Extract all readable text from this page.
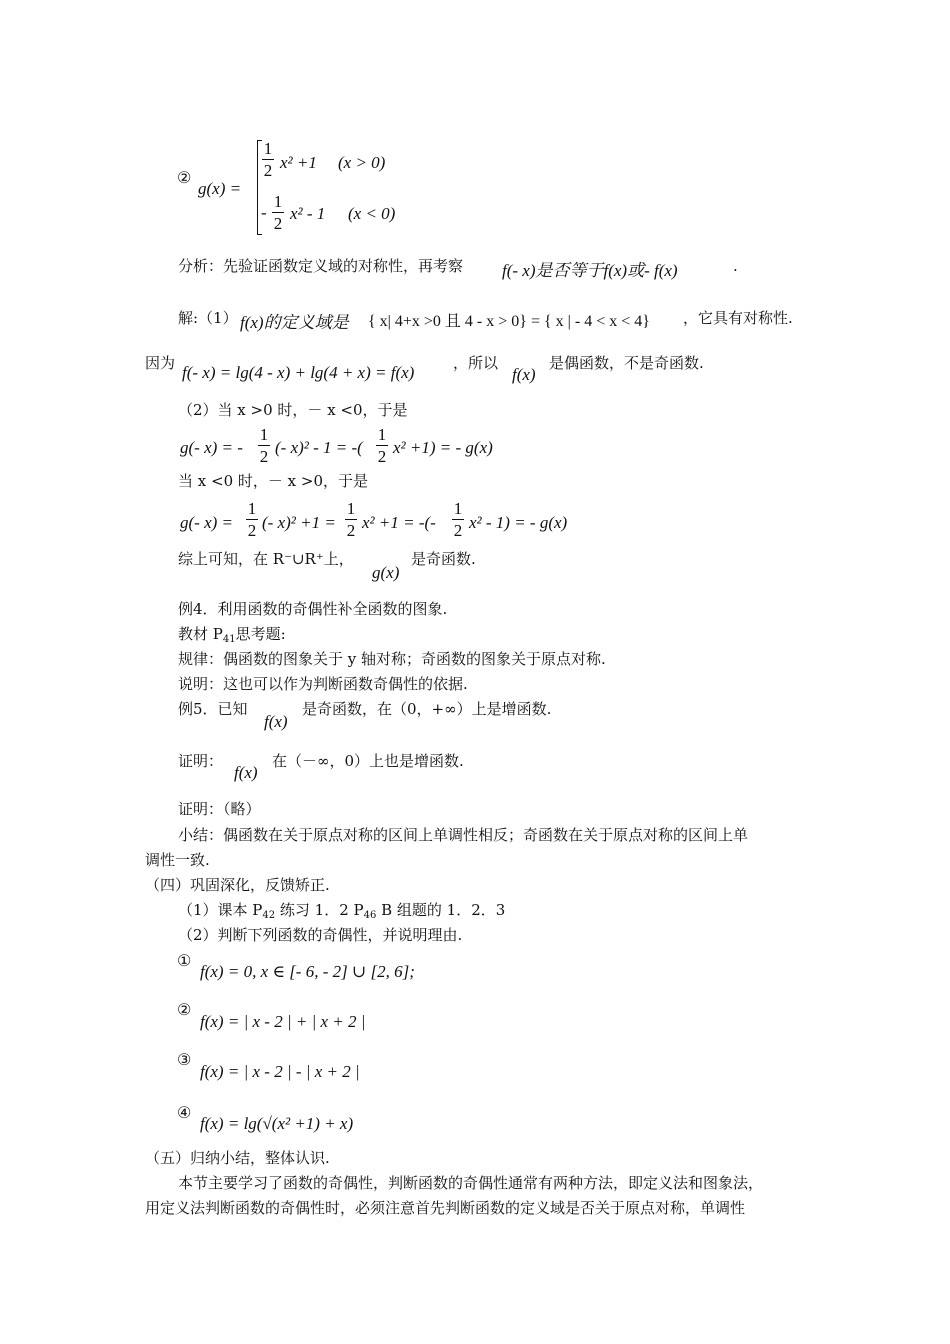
②
g(x) =
1
2 x² +1 (x > 0)
-
1
2
x² - 1 (x < 0)
分析：先验证函数定义域的对称性，再考察 f(- x)是否等于f(x)或- f(x)	.
解:（1） f(x)的定义域是 { x| 4+x >0 且 4 - x > 0} = { x | - 4 < x < 4} ，它具有对称性.
因为 f(- x) = lg(4 - x) + lg(4 + x) = f(x)	，所以
f(x)
是偶函数，不是奇函数.
（2）当 x >0 时，－ x <0，于是
g(- x) = -
1
2 (- x)² - 1 = -(
1
2 x² +1) = - g(x)
当 x <0 时，－ x >0，于是
g(- x) =
1
2 (- x)² +1 =
1
2 x² +1 = -(-
1
2 x² - 1) = - g(x)
综上可知，在 R⁻∪R⁺上，
g(x)
是奇函数.
例4．利用函数的奇偶性补全函数的图象.
教材 $P_{41}$思考题:
规律：偶函数的图象关于 y 轴对称；奇函数的图象关于原点对称.
说明：这也可以作为判断函数奇偶性的依据.
例5．已知
f(x)
是奇函数，在（0，+∞）上是增函数.
证明：
f(x)
在（－∞，0）上也是增函数.
证明：（略）
小结：偶函数在关于原点对称的区间上单调性相反；奇函数在关于原点对称的区间上单
调性一致.
（四）巩固深化，反馈矫正.
（1）课本 $P_{42}$ 练习 1．2 $P_{46}$ B 组题的 1．2．3
（2）判断下列函数的奇偶性，并说明理由.
①
f(x) = 0, x ∈ [- 6, - 2] ∪ [2, 6];
②
f(x) = | x - 2 | + | x + 2 |
③
f(x) = | x - 2 | - | x + 2 |
④
f(x) = lg(√(x² +1) + x)
（五）归纳小结，整体认识.
本节主要学习了函数的奇偶性，判断函数的奇偶性通常有两种方法，即定义法和图象法，
用定义法判断函数的奇偶性时，必须注意首先判断函数的定义域是否关于原点对称，单调性
